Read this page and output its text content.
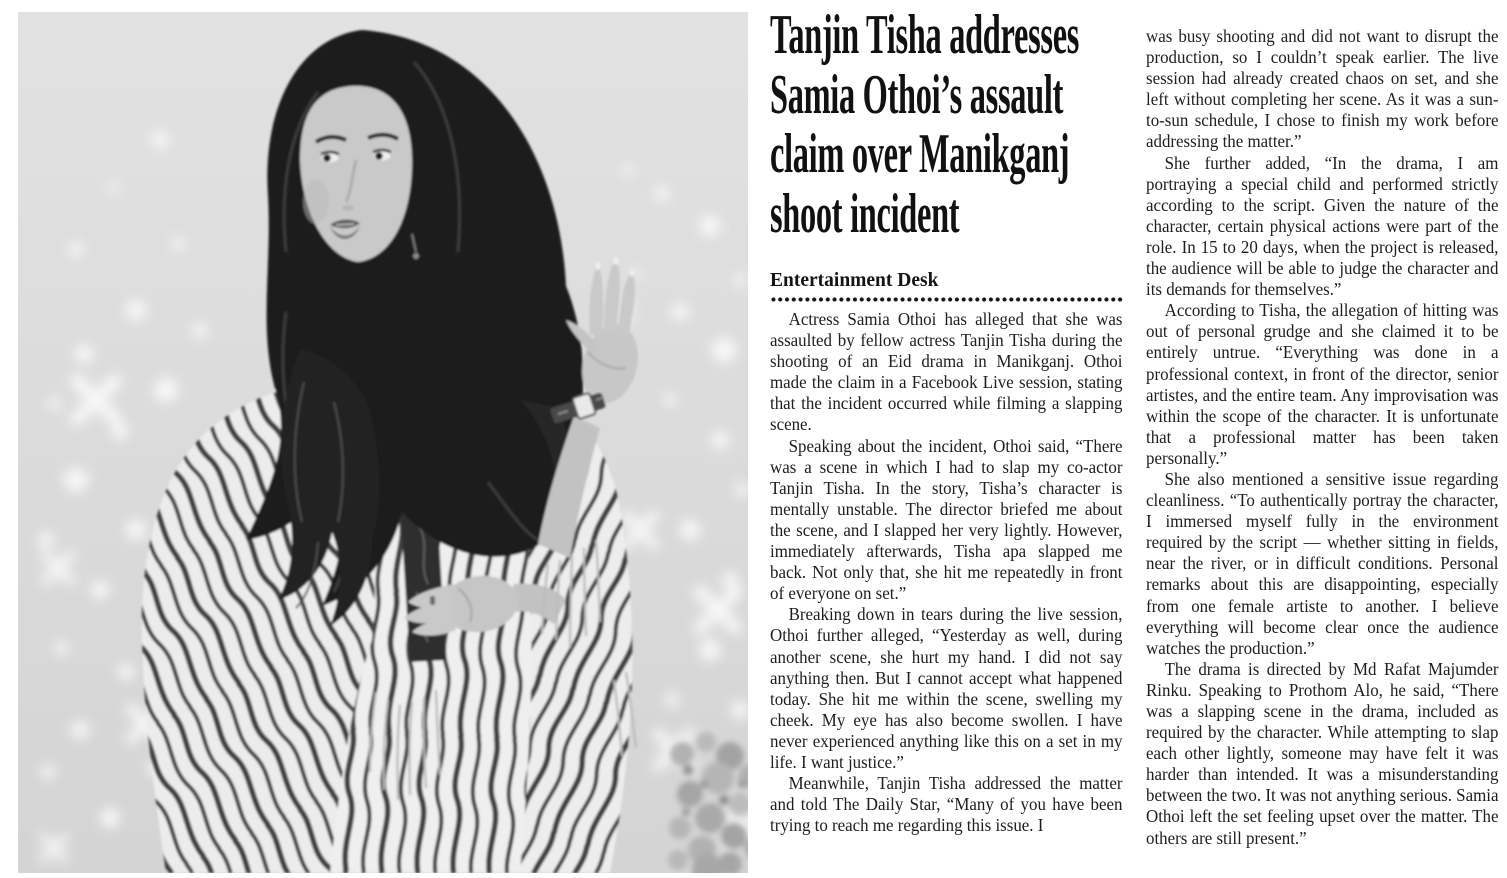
Tanjin Tisha addresses
Samia Othoi’s assault
claim over Manikganj
shoot incident
Entertainment Desk

Actress Samia Othoi has alleged that she was assaulted by fellow actress Tanjin Tisha during the shooting of an Eid drama in Manikganj. Othoi made the claim in a Facebook Live session, stating that the incident occurred while filming a slapping scene.

Speaking about the incident, Othoi said, “There was a scene in which I had to slap my co-actor Tanjin Tisha. In the story, Tisha’s character is mentally unstable. The director briefed me about the scene, and I slapped her very lightly. However, immediately afterwards, Tisha apa slapped me back. Not only that, she hit me repeatedly in front of everyone on set.”

Breaking down in tears during the live session, Othoi further alleged, “Yesterday as well, during another scene, she hurt my hand. I did not say anything then. But I cannot accept what happened today. She hit me within the scene, swelling my cheek. My eye has also become swollen. I have never experienced anything like this on a set in my life. I want justice.”

Meanwhile, Tanjin Tisha addressed the matter and told The Daily Star, “Many of you have been trying to reach me regarding this issue. I

was busy shooting and did not want to disrupt the production, so I couldn’t speak earlier. The live session had already created chaos on set, and she left without completing her scene. As it was a sun-to-sun schedule, I chose to finish my work before addressing the matter.”

She further added, “In the drama, I am portraying a special child and performed strictly according to the script. Given the nature of the character, certain physical actions were part of the role. In 15 to 20 days, when the project is released, the audience will be able to judge the character and its demands for themselves.”

According to Tisha, the allegation of hitting was out of personal grudge and she claimed it to be entirely untrue. “Everything was done in a professional context, in front of the director, senior artistes, and the entire team. Any improvisation was within the scope of the character. It is unfortunate that a professional matter has been taken personally.”

She also mentioned a sensitive issue regarding cleanliness. “To authentically portray the character, I immersed myself fully in the environment required by the script — whether sitting in fields, near the river, or in difficult conditions. Personal remarks about this are disappointing, especially from one female artiste to another. I believe everything will become clear once the audience watches the production.”

The drama is directed by Md Rafat Majumder Rinku. Speaking to Prothom Alo, he said, “There was a slapping scene in the drama, included as required by the character. While attempting to slap each other lightly, someone may have felt it was harder than intended. It was a misunderstanding between the two. It was not anything serious. Samia Othoi left the set feeling upset over the matter. The others are still present.”
